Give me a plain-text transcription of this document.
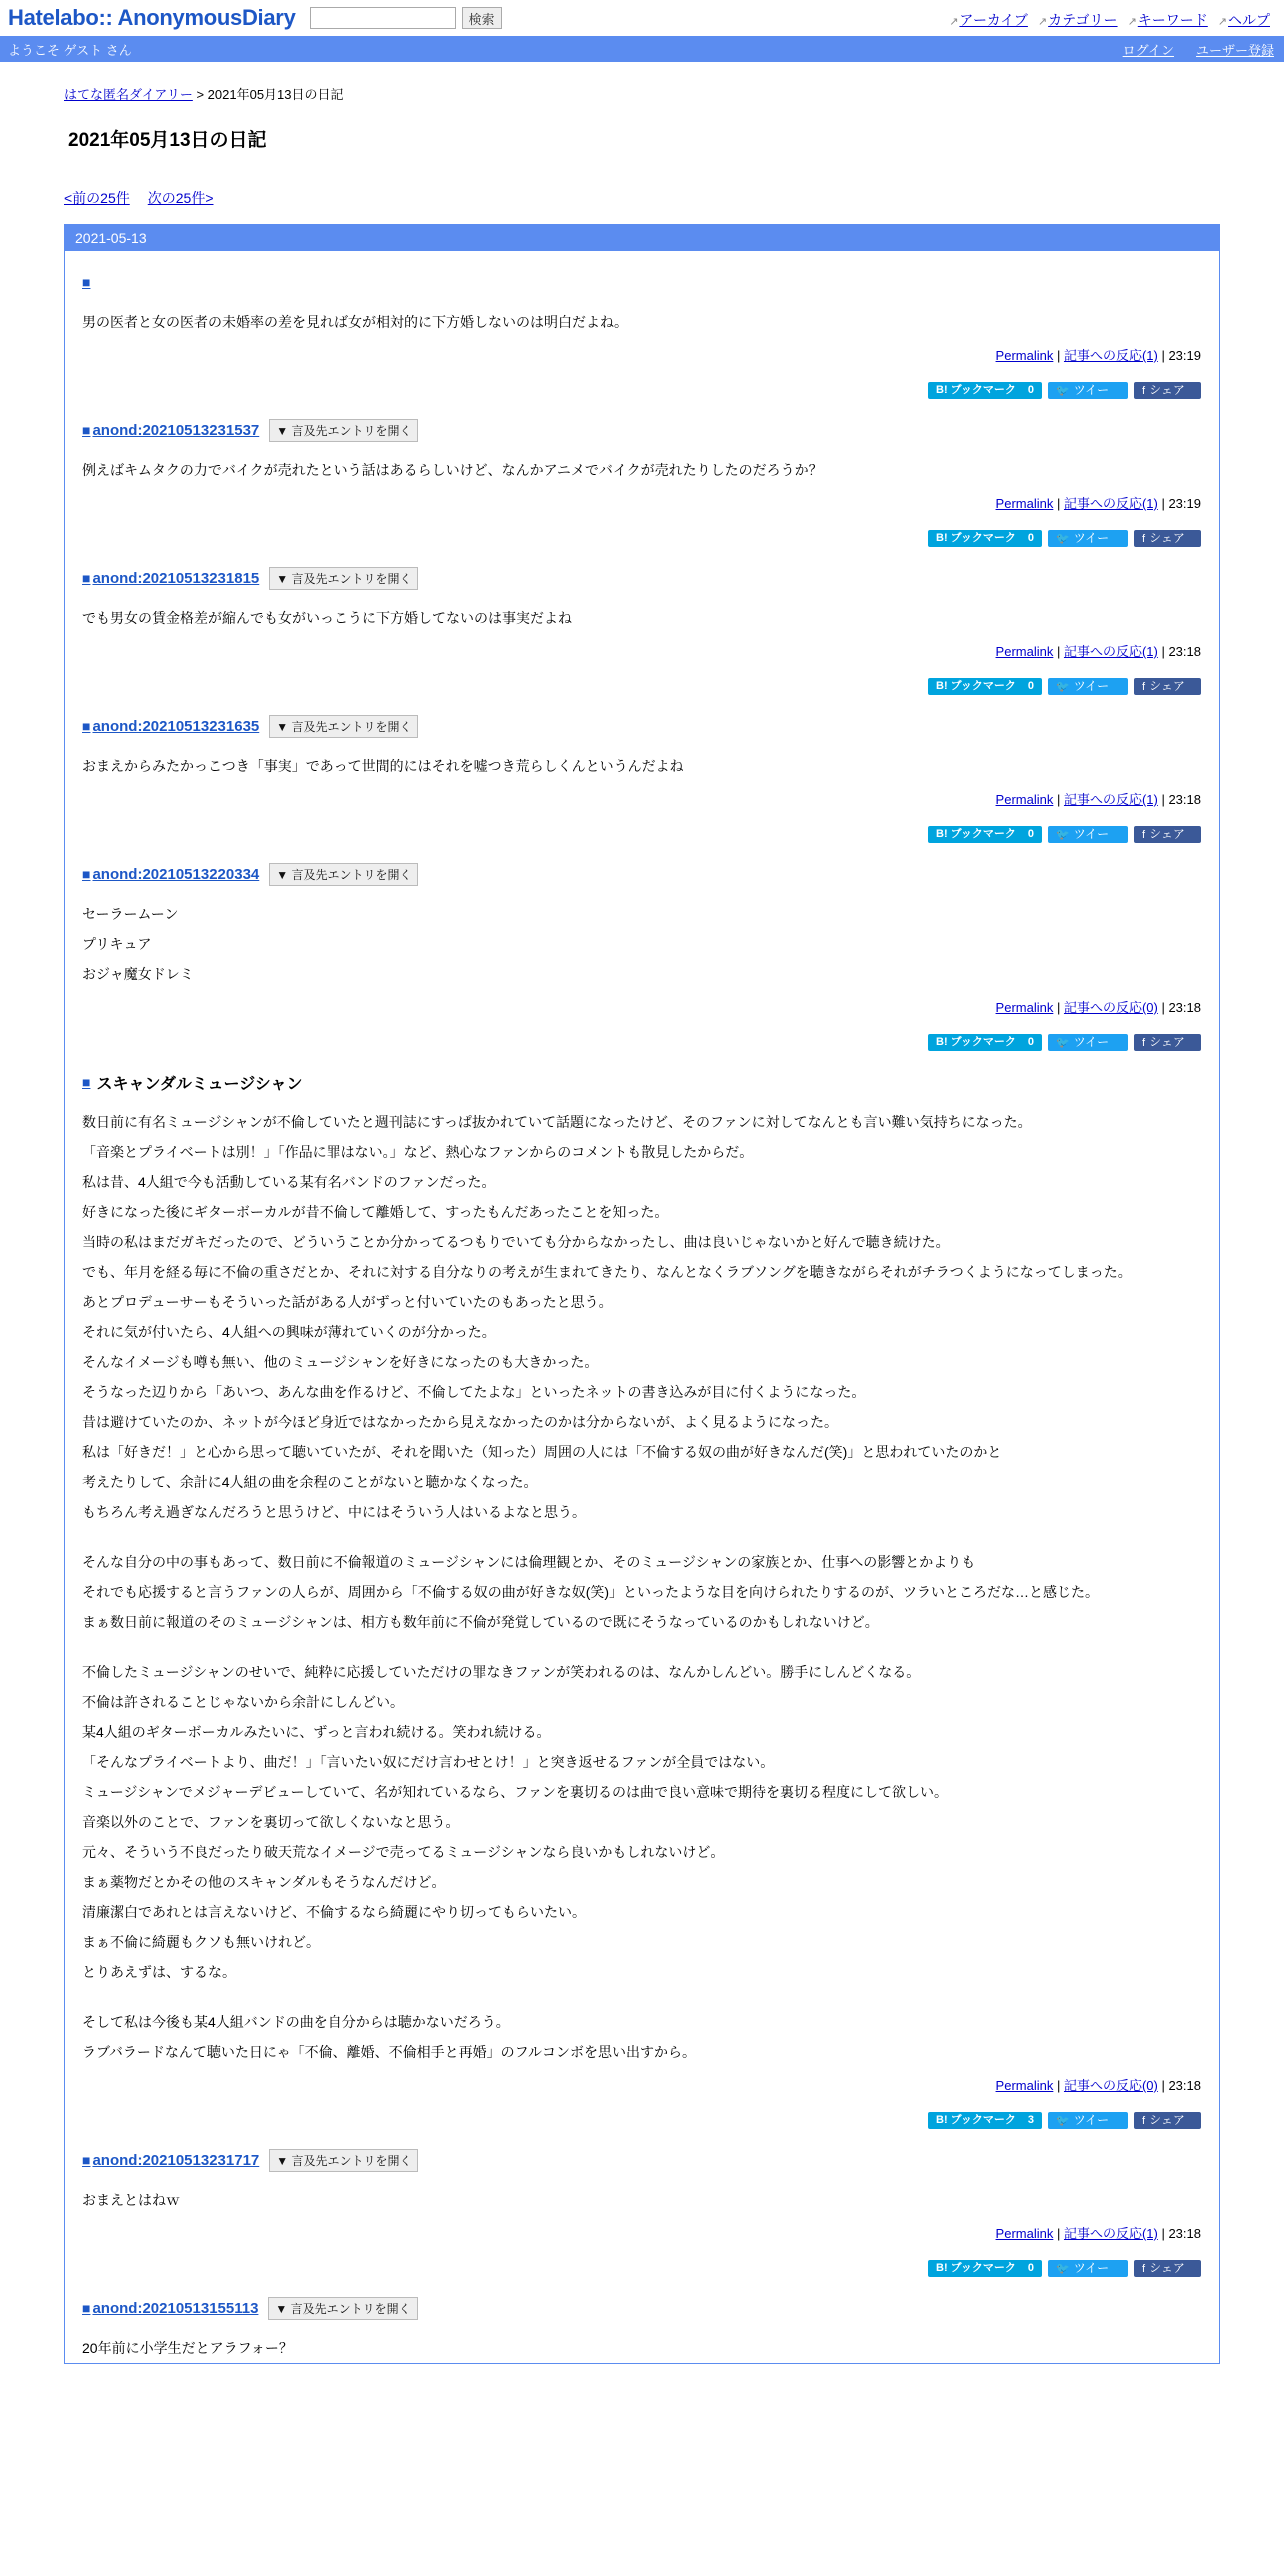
Hatelabo:: AnonymousDiary	検索	↗ アーカイブ	↗ カテゴリー	↗ キーワード	↗ ヘルプ
ようこそ ゲスト さん	ログイン ユーザー登録
はてな匿名ダイアリー > 2021年05月13日の日記
2021年05月13日の日記
<前の25件 次の25件>
2021-05-13
■

男の医者と女の医者の未婚率の差を見れば女が相対的に下方婚しないのは明白だよね。

Permalink | 記事への反応(1) | 23:19
B! ブックマーク 0	🐦 ツイート
f シェア
■ anond:20210513231537	▼ 言及先エントリを開く

例えばキムタクの力でバイクが売れたという話はあるらしいけど、なんかアニメでバイクが売れたりしたのだろうか？

Permalink | 記事への反応(1) | 23:19
B! ブックマーク 0	🐦 ツイート
f シェア
■ anond:20210513231815	▼ 言及先エントリを開く

でも男女の賃金格差が縮んでも女がいっこうに下方婚してないのは事実だよね

Permalink | 記事への反応(1) | 23:18
B! ブックマーク 0	🐦 ツイート
f シェア
■ anond:20210513231635	▼ 言及先エントリを開く

おまえからみたかっこつき「事実」であって世間的にはそれを嘘つき荒らしくんというんだよね

Permalink | 記事への反応(1) | 23:18
B! ブックマーク 0	🐦 ツイート
f シェア
■ anond:20210513220334	▼ 言及先エントリを開く

セーラームーン

プリキュア

おジャ魔女ドレミ

Permalink | 記事への反応(0) | 23:18
B! ブックマーク 0	🐦 ツイート
f シェア
■ スキャンダルミュージシャン

数日前に有名ミュージシャンが不倫していたと週刊誌にすっぱ抜かれていて話題になったけど、そのファンに対してなんとも言い難い気持ちになった。

「音楽とプライベートは別！」「作品に罪はない。」など、熱心なファンからのコメントも散見したからだ。

私は昔、4人組で今も活動している某有名バンドのファンだった。

好きになった後にギターボーカルが昔不倫して離婚して、すったもんだあったことを知った。

当時の私はまだガキだったので、どういうことか分かってるつもりでいても分からなかったし、曲は良いじゃないかと好んで聴き続けた。

でも、年月を経る毎に不倫の重さだとか、それに対する自分なりの考えが生まれてきたり、なんとなくラブソングを聴きながらそれがチラつくようになってしまった。

あとプロデューサーもそういった話がある人がずっと付いていたのもあったと思う。

それに気が付いたら、4人組への興味が薄れていくのが分かった。

そんなイメージも噂も無い、他のミュージシャンを好きになったのも大きかった。

そうなった辺りから「あいつ、あんな曲を作るけど、不倫してたよな」といったネットの書き込みが目に付くようになった。

昔は避けていたのか、ネットが今ほど身近ではなかったから見えなかったのかは分からないが、よく見るようになった。

私は「好きだ！」と心から思って聴いていたが、それを聞いた（知った）周囲の人には「不倫する奴の曲が好きなんだ(笑)」と思われていたのかと

考えたりして、余計に4人組の曲を余程のことがないと聴かなくなった。

もちろん考え過ぎなんだろうと思うけど、中にはそういう人はいるよなと思う。

そんな自分の中の事もあって、数日前に不倫報道のミュージシャンには倫理観とか、そのミュージシャンの家族とか、仕事への影響とかよりも

それでも応援すると言うファンの人らが、周囲から「不倫する奴の曲が好きな奴(笑)」といったような目を向けられたりするのが、ツラいところだな…と感じた。

まぁ数日前に報道のそのミュージシャンは、相方も数年前に不倫が発覚しているので既にそうなっているのかもしれないけど。

不倫したミュージシャンのせいで、純粋に応援していただけの罪なきファンが笑われるのは、なんかしんどい。勝手にしんどくなる。

不倫は許されることじゃないから余計にしんどい。

某4人組のギターボーカルみたいに、ずっと言われ続ける。笑われ続ける。

「そんなプライベートより、曲だ！」「言いたい奴にだけ言わせとけ！」と突き返せるファンが全員ではない。

ミュージシャンでメジャーデビューしていて、名が知れているなら、ファンを裏切るのは曲で良い意味で期待を裏切る程度にして欲しい。

音楽以外のことで、ファンを裏切って欲しくないなと思う。

元々、そういう不良だったり破天荒なイメージで売ってるミュージシャンなら良いかもしれないけど。

まぁ薬物だとかその他のスキャンダルもそうなんだけど。

清廉潔白であれとは言えないけど、不倫するなら綺麗にやり切ってもらいたい。

まぁ不倫に綺麗もクソも無いけれど。

とりあえずは、するな。

そして私は今後も某4人組バンドの曲を自分からは聴かないだろう。

ラブバラードなんて聴いた日にゃ「不倫、離婚、不倫相手と再婚」のフルコンボを思い出すから。

Permalink | 記事への反応(0) | 23:18
B! ブックマーク 3	🐦 ツイート
f シェア
■ anond:20210513231717	▼ 言及先エントリを開く

おまえとはねｗ

Permalink | 記事への反応(1) | 23:18
B! ブックマーク 0	🐦 ツイート
f シェア
■ anond:20210513155113	▼ 言及先エントリを開く

20年前に小学生だとアラフォー？
